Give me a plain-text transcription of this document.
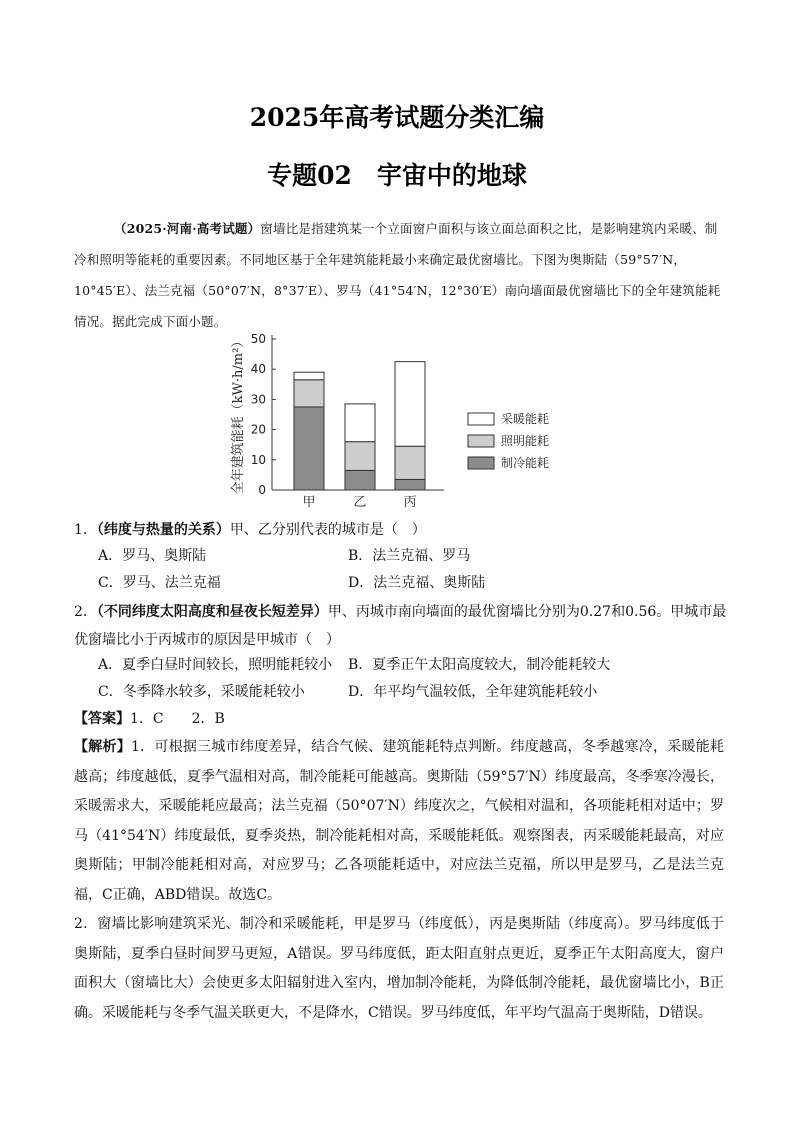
2025年高考试题分类汇编
专题02　宇宙中的地球
（2025·河南·高考试题）窗墙比是指建筑某一个立面窗户面积与该立面总面积之比，是影响建筑内采暖、制冷和照明等能耗的重要因素。不同地区基于全年建筑能耗最小来确定最优窗墙比。下图为奥斯陆（59°57′N，10°45′E）、法兰克福（50°07′N，8°37′E）、罗马（41°54′N，12°30′E）南向墙面最优窗墙比下的全年建筑能耗情况。据此完成下面小题。
0
10
20
30
40
50
全年建筑能耗（kW·h/m²）
甲	乙	丙
采暖能耗
照明能耗
制冷能耗
1．（纬度与热量的关系）甲、乙分别代表的城市是（　）
A．罗马、奥斯陆	B．法兰克福、罗马
C．罗马、法兰克福	D．法兰克福、奥斯陆
2．（不同纬度太阳高度和昼夜长短差异）甲、丙城市南向墙面的最优窗墙比分别为0.27和0.56。甲城市最优窗墙比小于丙城市的原因是甲城市（　）
A．夏季白昼时间较长，照明能耗较小 B．夏季正午太阳高度较大，制冷能耗较大
C．冬季降水较多，采暖能耗较小	D．年平均气温较低，全年建筑能耗较小
【答案】1．C　　2．B

【解析】1．可根据三城市纬度差异，结合气候、建筑能耗特点判断。纬度越高，冬季越寒冷，采暖能耗越高；纬度越低，夏季气温相对高，制冷能耗可能越高。奥斯陆（59°57′N）纬度最高，冬季寒冷漫长，采暖需求大，采暖能耗应最高；法兰克福（50°07′N）纬度次之，气候相对温和，各项能耗相对适中；罗马（41°54′N）纬度最低，夏季炎热，制冷能耗相对高，采暖能耗低。观察图表，丙采暖能耗最高，对应奥斯陆；甲制冷能耗相对高，对应罗马；乙各项能耗适中，对应法兰克福，所以甲是罗马，乙是法兰克福，C正确，ABD错误。故选C。

2．窗墙比影响建筑采光、制冷和采暖能耗，甲是罗马（纬度低），丙是奥斯陆（纬度高）。罗马纬度低于奥斯陆，夏季白昼时间罗马更短，A错误。罗马纬度低，距太阳直射点更近，夏季正午太阳高度大，窗户面积大（窗墙比大）会使更多太阳辐射进入室内，增加制冷能耗，为降低制冷能耗，最优窗墙比小，B正确。采暖能耗与冬季气温关联更大，不是降水，C错误。罗马纬度低，年平均气温高于奥斯陆，D错误。
